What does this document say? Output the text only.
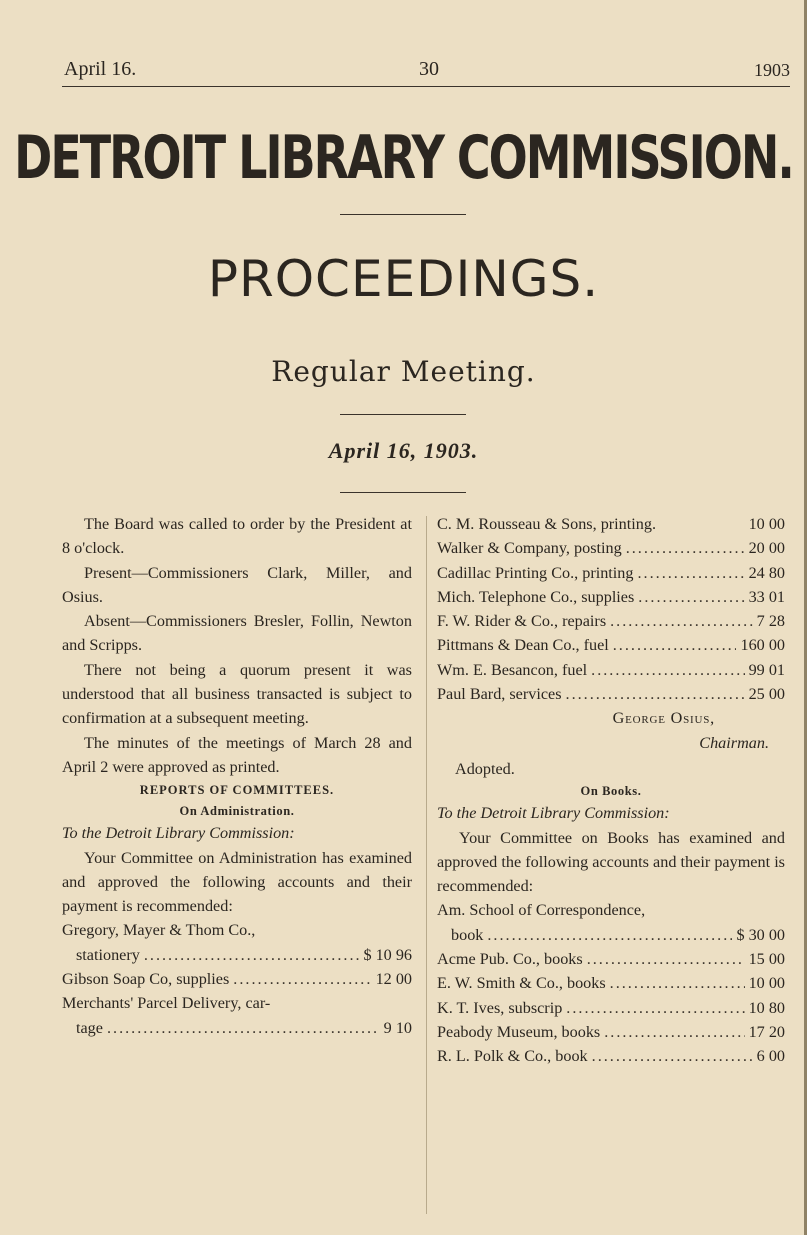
April 16.	30	1903
DETROIT LIBRARY COMMISSION.
PROCEEDINGS.
Regular Meeting.
April 16, 1903.

The Board was called to order by the President at 8 o'clock.

Present—Commissioners Clark, Miller, and Osius.

Absent—Commissioners Bresler, Follin, Newton and Scripps.

There not being a quorum present it was understood that all business transacted is subject to confirmation at a subsequent meeting.

The minutes of the meetings of March 28 and April 2 were approved as printed.

REPORTS OF COMMITTEES.

On Administration.

To the Detroit Library Commission:

Your Committee on Administration has examined and approved the following accounts and their payment is recommended:

Gregory, Mayer & Thom Co.,

stationery .....	$ 10 96
Gibson Soap Co, supplies .....	12 00

Merchants' Parcel Delivery, car-

tage .....	9 10
C. M. Rousseau & Sons, printing.	10 00
Walker & Company, posting .....	20 00
Cadillac Printing Co., printing .....	24 80
Mich. Telephone Co., supplies .....	33 01
F. W. Rider & Co., repairs .....	7 28
Pittmans & Dean Co., fuel .....	160 00
Wm. E. Besancon, fuel .....	99 01
Paul Bard, services .....	25 00

George Osius,

Chairman.

Adopted.

On Books.

To the Detroit Library Commission:

Your Committee on Books has examined and approved the following accounts and their payment is recommended:

Am. School of Correspondence,

book .....	$ 30 00
Acme Pub. Co., books .....	15 00
E. W. Smith & Co., books .....	10 00
K. T. Ives, subscrip .....	10 80
Peabody Museum, books .....	17 20
R. L. Polk & Co., book .....	6 00
